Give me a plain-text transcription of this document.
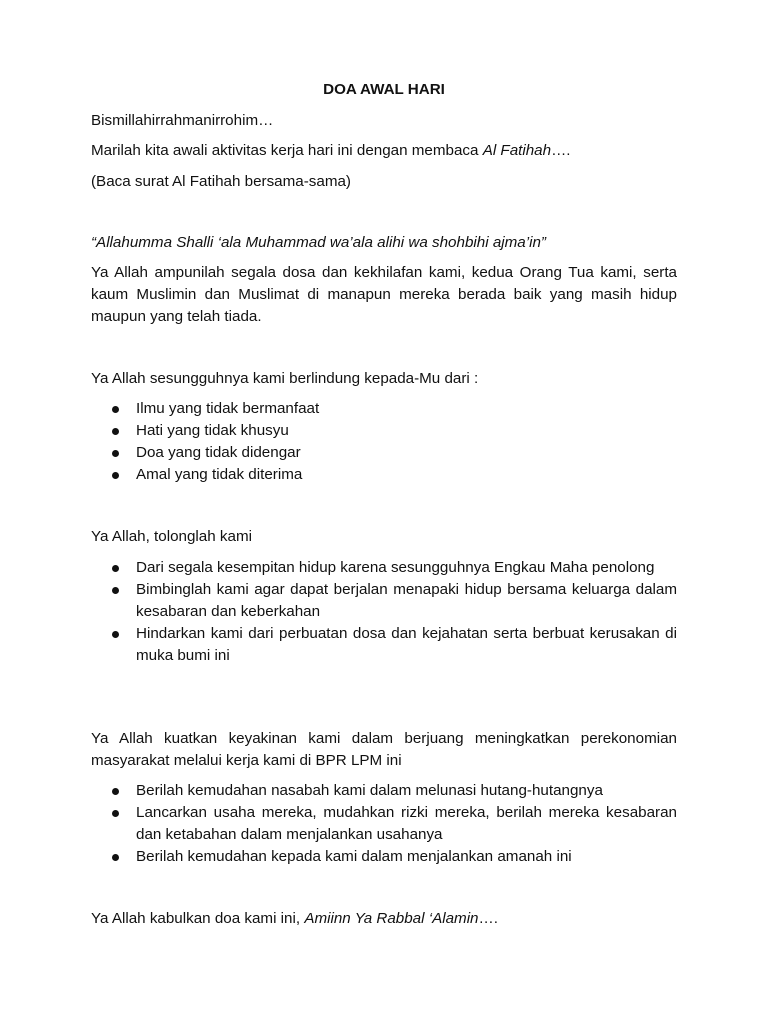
DOA AWAL HARI
Bismillahirrahmanirrohim…
Marilah kita awali aktivitas kerja hari ini dengan membaca Al Fatihah….
(Baca surat Al Fatihah bersama-sama)
“Allahumma Shalli ‘ala Muhammad wa’ala alihi wa shohbihi ajma’in”
Ya Allah ampunilah segala dosa dan kekhilafan kami, kedua Orang Tua kami, serta kaum Muslimin dan Muslimat di manapun mereka berada baik yang masih hidup maupun yang telah tiada.
Ya Allah sesungguhnya kami berlindung kepada-Mu dari :
Ilmu yang tidak bermanfaat
Hati yang tidak khusyu
Doa yang tidak didengar
Amal yang tidak diterima
Ya Allah, tolonglah kami
Dari segala kesempitan hidup karena sesungguhnya Engkau Maha penolong
Bimbinglah kami agar dapat berjalan menapaki hidup bersama keluarga dalam kesabaran dan keberkahan
Hindarkan kami dari perbuatan dosa dan kejahatan serta berbuat kerusakan di muka bumi ini
Ya Allah kuatkan keyakinan kami dalam berjuang meningkatkan perekonomian masyarakat melalui kerja kami di BPR LPM ini
Berilah kemudahan nasabah kami dalam melunasi hutang-hutangnya
Lancarkan usaha mereka, mudahkan rizki mereka, berilah mereka kesabaran dan ketabahan dalam menjalankan usahanya
Berilah kemudahan kepada kami dalam menjalankan amanah ini
Ya Allah kabulkan doa kami ini, Amiinn Ya Rabbal ‘Alamin….
